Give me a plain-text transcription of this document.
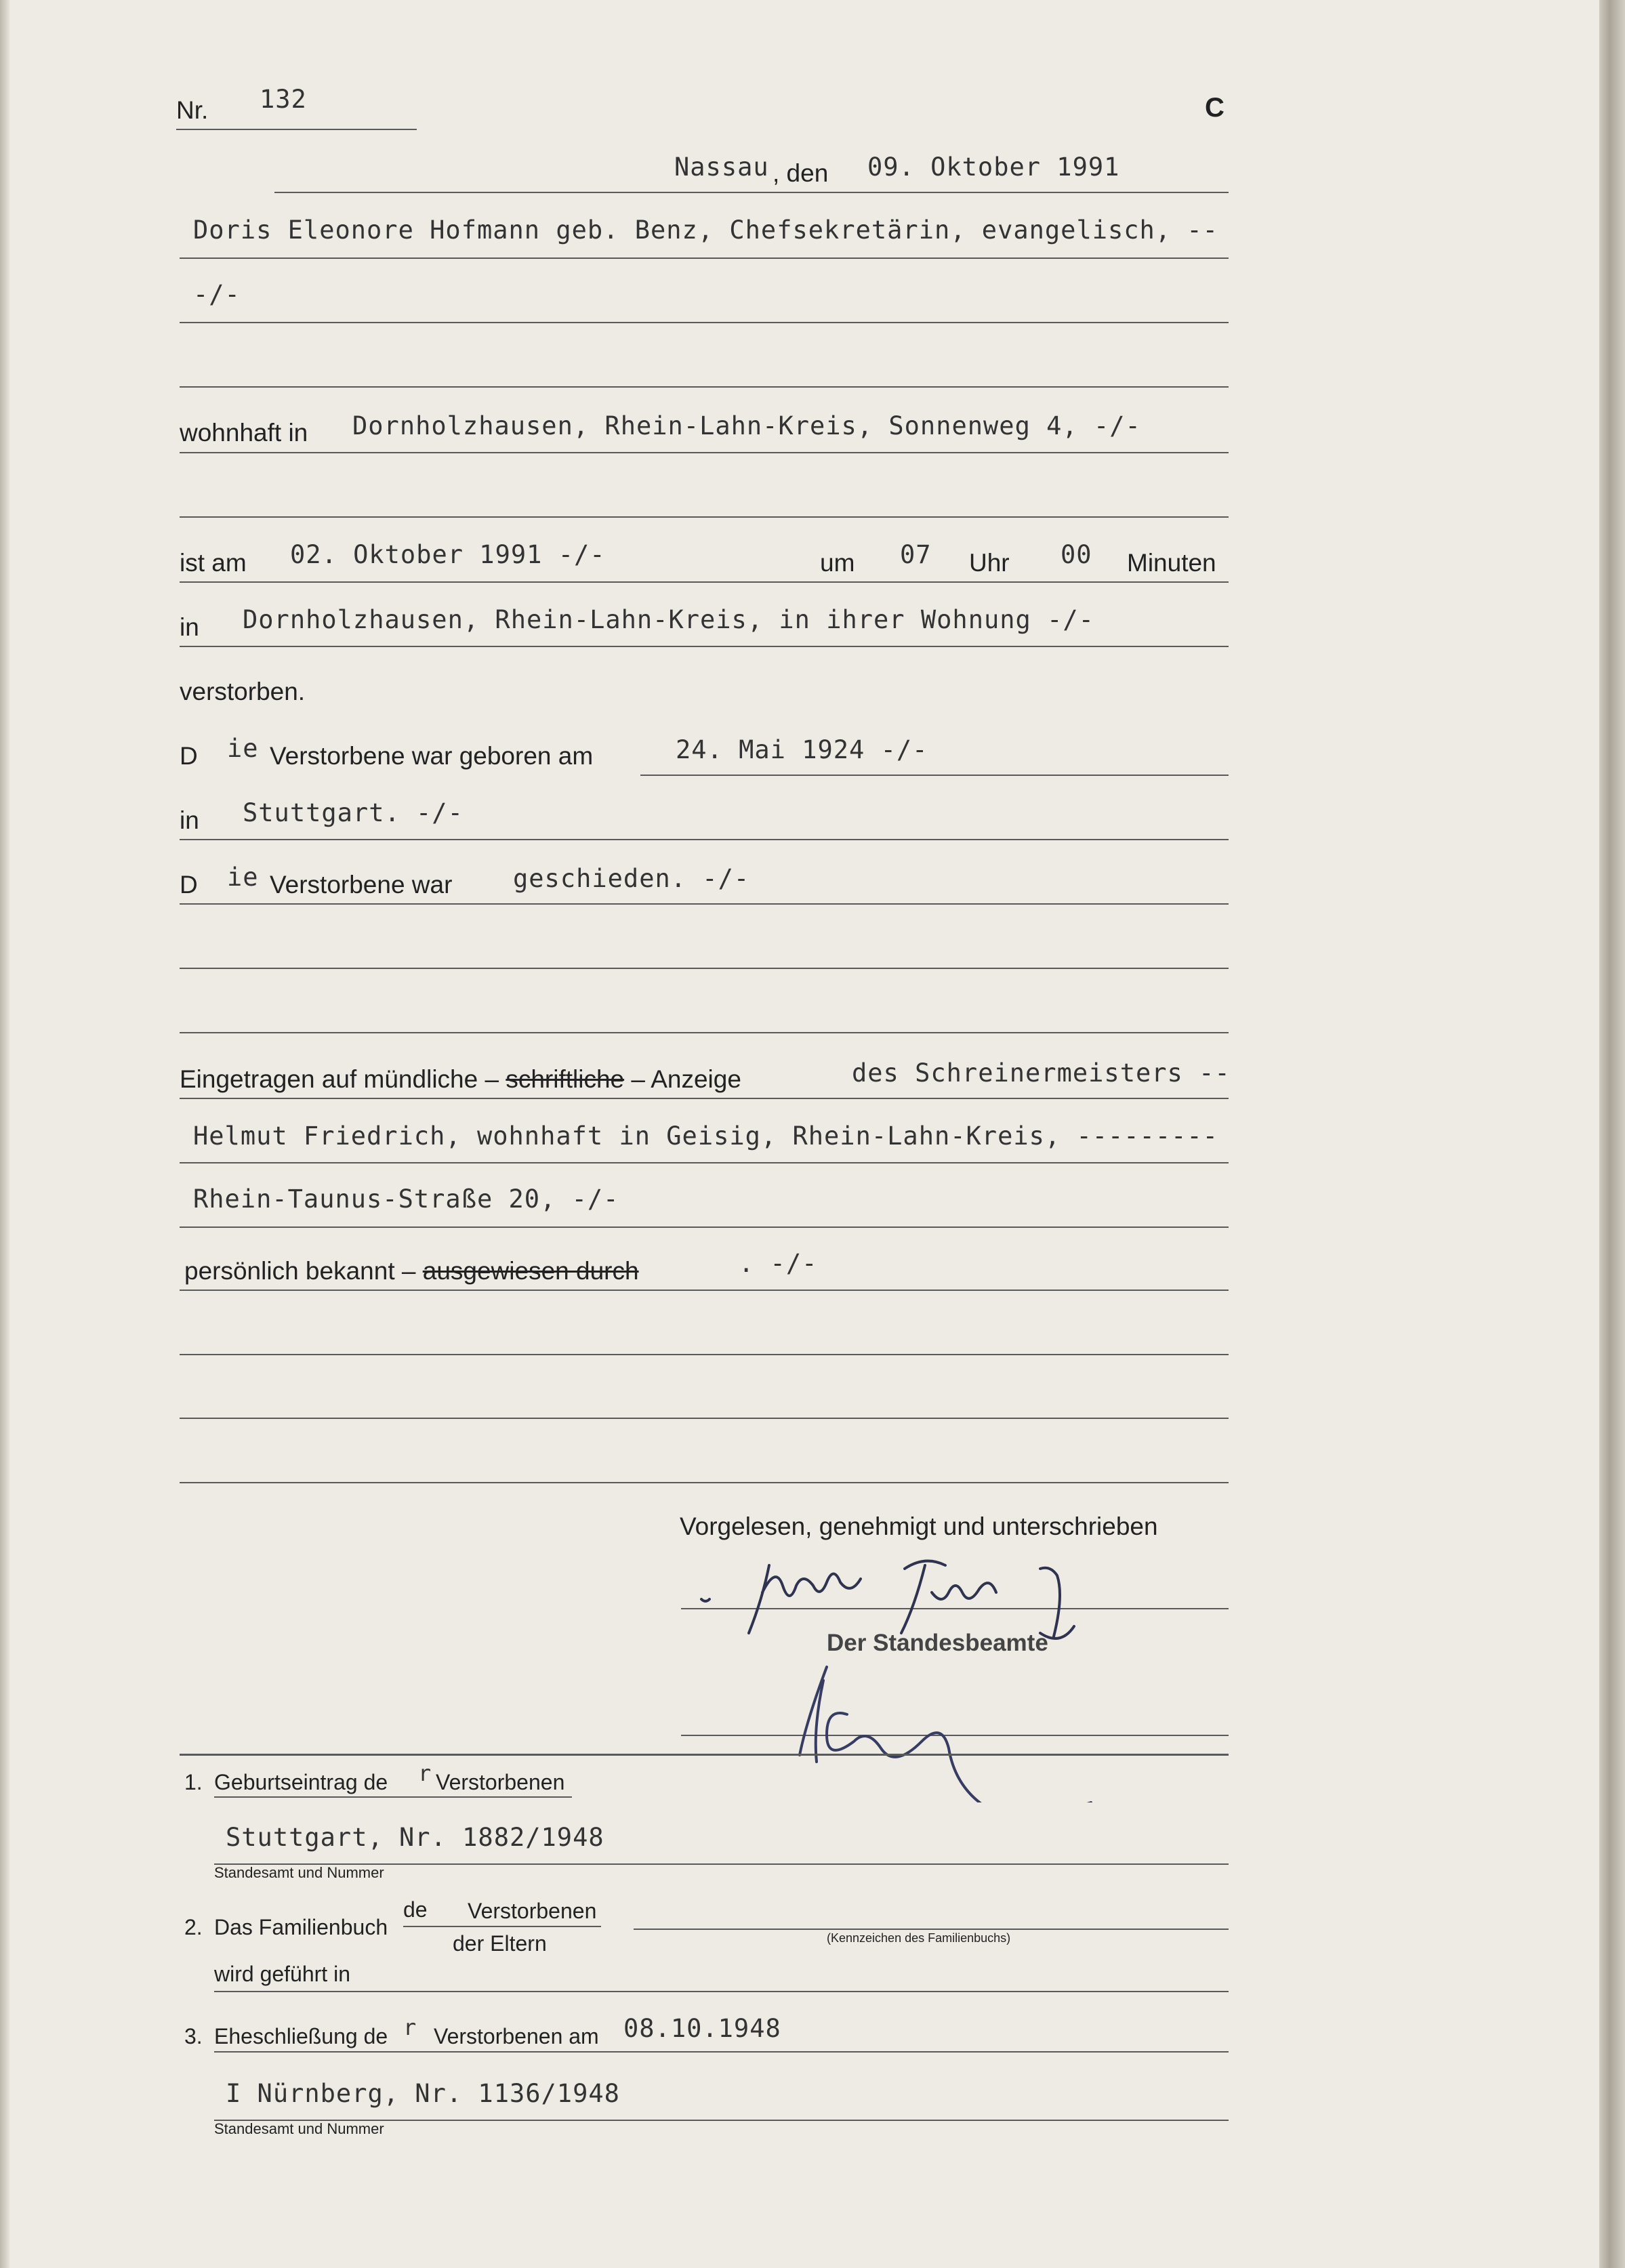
Nr. 132	C
Nassau , den 09. Oktober 1991
Doris Eleonore Hofmann geb. Benz, Chefsekretärin, evangelisch, --
-/-
wohnhaft in Dornholzhausen, Rhein-Lahn-Kreis, Sonnenweg 4, -/-
ist am 02. Oktober 1991 -/-	um 07 Uhr 00 Minuten
in Dornholzhausen, Rhein-Lahn-Kreis, in ihrer Wohnung -/-
verstorben.
D ie Verstorbene war geboren am	24. Mai 1924 -/-
in Stuttgart. -/-
D ie Verstorbene war geschieden. -/-
Eingetragen auf mündliche – schriftliche – Anzeige	des Schreinermeisters --
Helmut Friedrich, wohnhaft in Geisig, Rhein-Lahn-Kreis, ---------
Rhein-Taunus-Straße 20, -/-
persönlich bekannt – ausgewiesen durch	. -/-
Vorgelesen, genehmigt und unterschrieben
Der Standesbeamte
1. Geburtseintrag de r Verstorbenen
Stuttgart, Nr. 1882/1948
Standesamt und Nummer
2. Das Familienbuch
de Verstorbenen
der Eltern	(Kennzeichen des Familienbuchs)
wird geführt in
3. Eheschließung de r Verstorbenen am 08.10.1948
I Nürnberg, Nr. 1136/1948
Standesamt und Nummer
